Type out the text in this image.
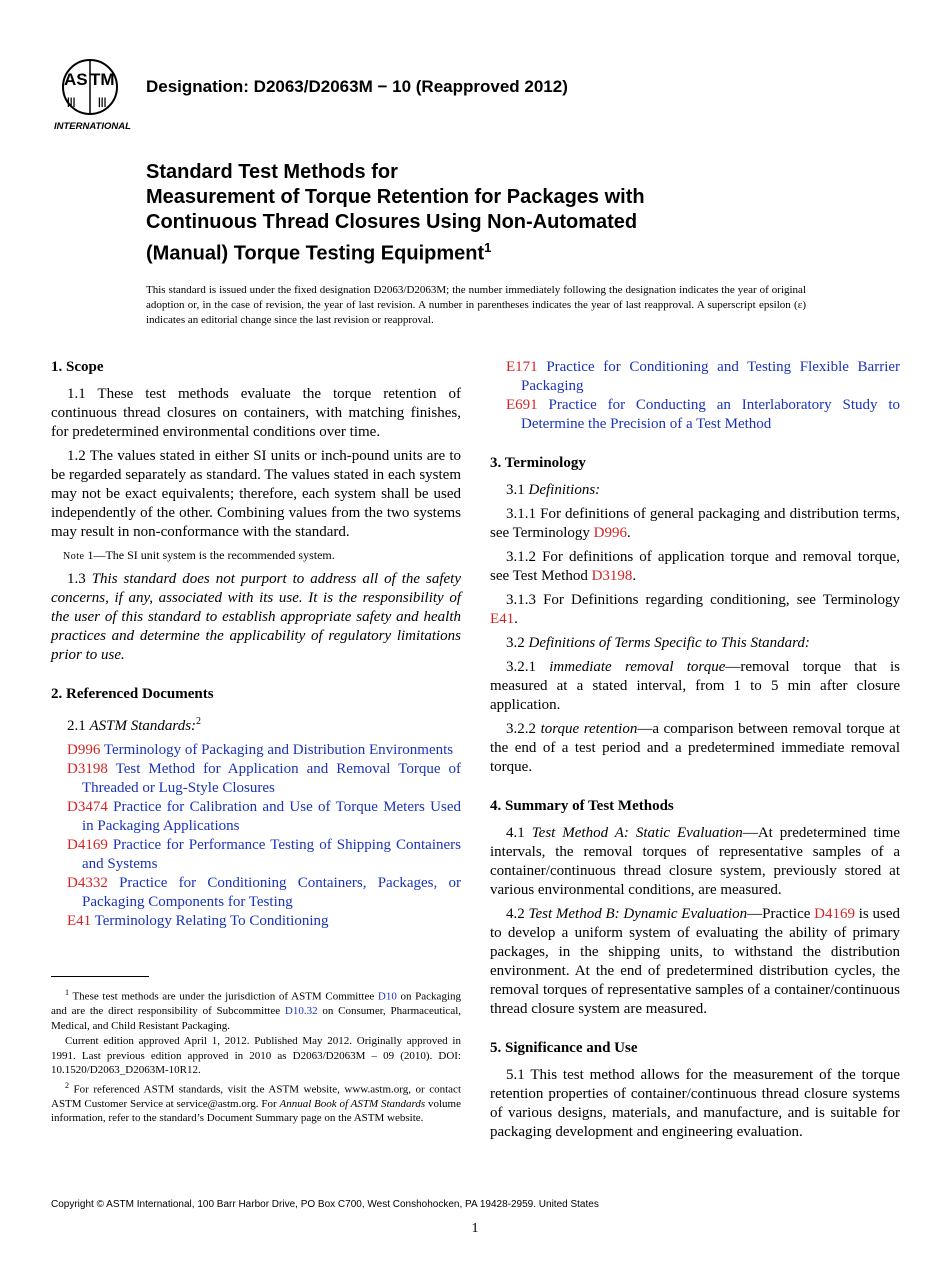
AS TM
||| |||
INTERNATIONAL
Designation: D2063/D2063M − 10 (Reapproved 2012)
Standard Test Methods for
Measurement of Torque Retention for Packages with
Continuous Thread Closures Using Non-Automated
(Manual) Torque Testing Equipment$^1$
This standard is issued under the fixed designation D2063/D2063M; the number immediately following the designation indicates the year of original adoption or, in the case of revision, the year of last revision. A number in parentheses indicates the year of last reapproval. A superscript epsilon (ε) indicates an editorial change since the last revision or reapproval.
1. Scope

1.1 These test methods evaluate the torque retention of continuous thread closures on containers, with matching finishes, for predetermined environmental conditions over time.

1.2 The values stated in either SI units or inch-pound units are to be regarded separately as standard. The values stated in each system may not be exact equivalents; therefore, each system shall be used independently of the other. Combining values from the two systems may result in non-conformance with the standard.

Note 1—The SI unit system is the recommended system.

1.3 This standard does not purport to address all of the safety concerns, if any, associated with its use. It is the responsibility of the user of this standard to establish appropriate safety and health practices and determine the applicability of regulatory limitations prior to use.

2. Referenced Documents

2.1 ASTM Standards:$^2$

D996 Terminology of Packaging and Distribution Environments
D3198 Test Method for Application and Removal Torque of Threaded or Lug-Style Closures
D3474 Practice for Calibration and Use of Torque Meters Used in Packaging Applications
D4169 Practice for Performance Testing of Shipping Containers and Systems
D4332 Practice for Conditioning Containers, Packages, or Packaging Components for Testing
E41 Terminology Relating To Conditioning
E171 Practice for Conditioning and Testing Flexible Barrier Packaging
E691 Practice for Conducting an Interlaboratory Study to Determine the Precision of a Test Method
3. Terminology

3.1 Definitions:

3.1.1 For definitions of general packaging and distribution terms, see Terminology D996.

3.1.2 For definitions of application torque and removal torque, see Test Method D3198.

3.1.3 For Definitions regarding conditioning, see Terminology E41.

3.2 Definitions of Terms Specific to This Standard:

3.2.1 immediate removal torque—removal torque that is measured at a stated interval, from 1 to 5 min after closure application.

3.2.2 torque retention—a comparison between removal torque at the end of a test period and a predetermined immediate removal torque.

4. Summary of Test Methods

4.1 Test Method A: Static Evaluation—At predetermined time intervals, the removal torques of representative samples of a container/continuous thread closure system, previously stored at various environmental conditions, are measured.

4.2 Test Method B: Dynamic Evaluation—Practice D4169 is used to develop a uniform system of evaluating the ability of primary packages, in the shipping units, to withstand the distribution environment. At the end of predetermined distribution cycles, the removal torques of representative samples of a container/continuous thread closure system are measured.

5. Significance and Use

5.1 This test method allows for the measurement of the torque retention properties of container/continuous thread closure systems of various designs, materials, and manufacture, and is suitable for packaging development and engineering evaluation.

$^1$ These test methods are under the jurisdiction of ASTM Committee D10 on Packaging and are the direct responsibility of Subcommittee D10.32 on Consumer, Pharmaceutical, Medical, and Child Resistant Packaging.

Current edition approved April 1, 2012. Published May 2012. Originally approved in 1991. Last previous edition approved in 2010 as D2063/D2063M – 09 (2010). DOI: 10.1520/D2063_D2063M-10R12.

$^2$ For referenced ASTM standards, visit the ASTM website, www.astm.org, or contact ASTM Customer Service at service@astm.org. For Annual Book of ASTM Standards volume information, refer to the standard’s Document Summary page on the ASTM website.

Copyright © ASTM International, 100 Barr Harbor Drive, PO Box C700, West Conshohocken, PA 19428-2959. United States
1
